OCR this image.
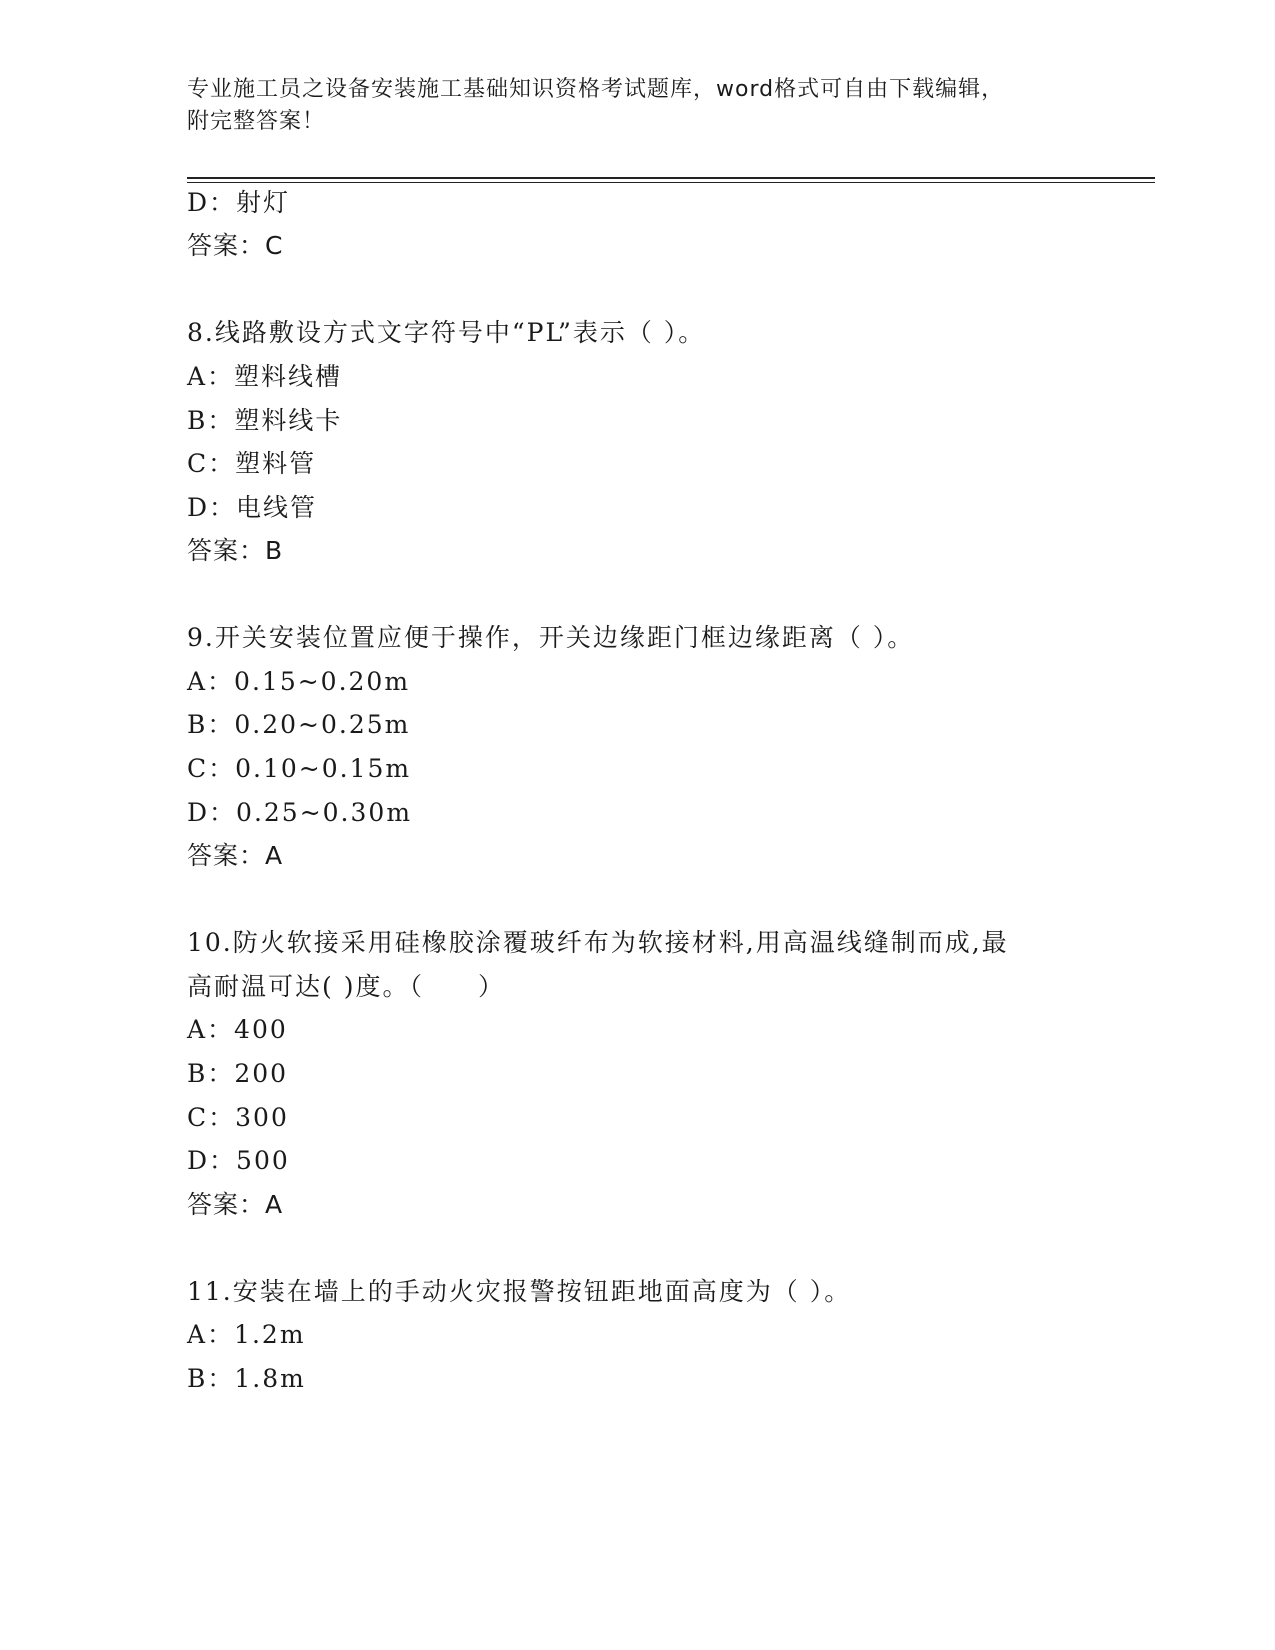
专业施工员之设备安装施工基础知识资格考试题库，word格式可自由下载编辑，
附完整答案！
D：射灯
答案：C
8.线路敷设方式文字符号中“PL”表示（ ）。
A：塑料线槽
B：塑料线卡
C：塑料管
D：电线管
答案：B
9.开关安装位置应便于操作，开关边缘距门框边缘距离（ ）。
A：0.15~0.20m
B：0.20~0.25m
C：0.10~0.15m
D：0.25~0.30m
答案：A
10.防火软接采用硅橡胶涂覆玻纤布为软接材料,用高温线缝制而成,最
高耐温可达( )度。（　　）
A：400
B：200
C：300
D：500
答案：A
11.安装在墙上的手动火灾报警按钮距地面高度为（ ）。
A：1.2m
B：1.8m
